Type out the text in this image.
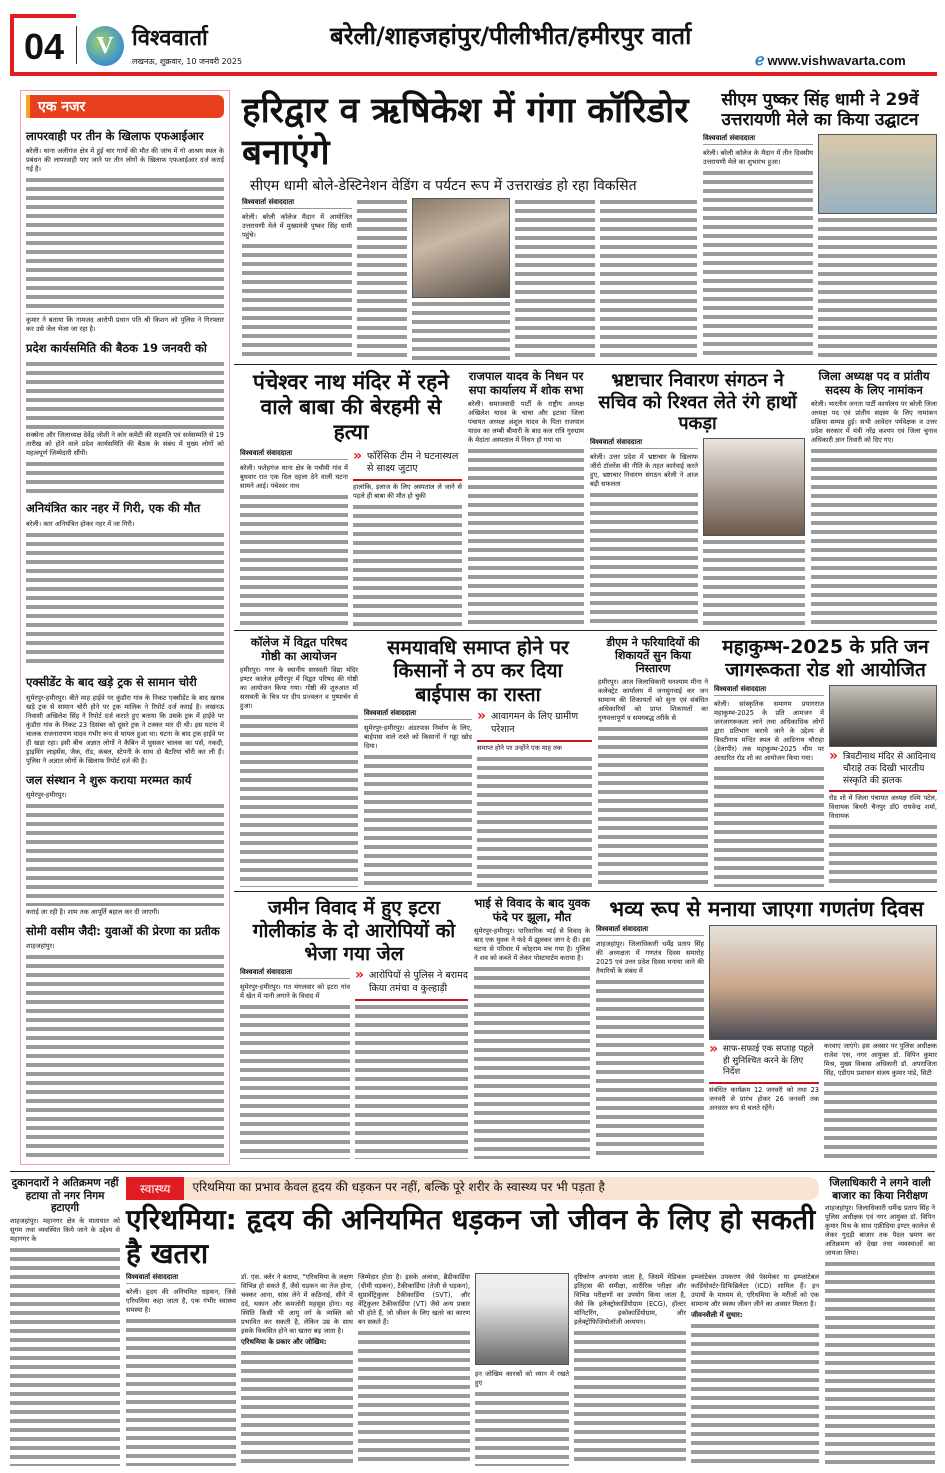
04	V विश्ववार्ता
लखनऊ, शुक्रवार, 10 जनवरी 2025
बरेली/शाहजहांपुर/पीलीभीत/हमीरपुर वार्ता
ℯ www.vishwavarta.com
एक नजर
लापरवाही पर तीन के खिलाफ एफआईआर

बरेली। थाना अलीगंज क्षेत्र में हुई चार गायों की मौत की जांच में गो आश्रय स्थल के प्रबंधन की लापरवाही पाए जाने पर तीन लोगों के खिलाफ एफआईआर दर्ज कराई गई है।

कुमार ने बताया कि नामजद आरोपी प्रधान पति श्री किशन को पुलिस ने गिरफ्तार कर उसे जेल भेजा जा रहा है।

प्रदेश कार्यसमिति की बैठक 19 जनवरी को

सक्सेना और जिलाध्यक्ष देवेंद्र जोशी ने कोर कमेटी की सहमति एवं सर्वसम्मति से 19 तारीख को होने वाले प्रदेश कार्यसमिति की बैठक के संबंध में मुख्य लोगों को महत्वपूर्ण जिम्मेदारी सौंपी।

अनियंत्रित कार नहर में गिरी, एक की मौत

बरेली। कार अनियंत्रित होकर नहर में जा गिरी।

एक्सीडेंट के बाद खड़े ट्रक से सामान चोरी

सुमेरपुर-हमीरपुर। बीते माह हाईवे पर कुंडौरा गांव के निकट एक्सीडेंट के बाद खराब खड़े ट्रक से सामान चोरी होने पर ट्रक मालिक ने रिपोर्ट दर्ज कराई है। लखनऊ निवासी अखिलेश सिंह ने रिपोर्ट दर्ज कराते हुए बताया कि उसके ट्रक में हाईवे पर कुंडौरा गांव के निकट 23 दिसंबर को दूसरे ट्रक ने टक्कर मार दी थी। इस घटना में चालक राजनारायण यादव गंभीर रूप से घायल हुआ था। घटना के बाद ट्रक हाईवे पर ही खड़ा रहा। इसी बीच अज्ञात लोगों ने कैबिन में घुसकर चालक का पर्स, नकदी, ड्राइविंग लाइसेंस, जैक, रॉड, कंबल, स्टेपनी के साथ दो बैटरियां चोरी कर ली हैं। पुलिस ने अज्ञात लोगों के खिलाफ रिपोर्ट दर्ज की है।

जल संस्थान ने शुरू कराया मरम्मत कार्य

सुमेरपुर-हमीरपुर।

कराई जा रही है। शाम तक आपूर्ति बहाल कर दी जाएगी।

सोमी वसीम जैदी: युवाओं की प्रेरणा का प्रतीक

शाहजहांपुर।

हरिद्वार व ऋषिकेश में गंगा कॉरिडोर बनाएंगे
सीएम धामी बोले-डेस्टिनेशन वेडिंग व पर्यटन रूप में उत्तराखंड हो रहा विकसित
विश्ववार्ता संवाददाता

बरेली। बरेली कॉलेज मैदान में आयोजित उत्तरायणी मेले में मुख्यमंत्री पुष्कर सिंह धामी पहुंचे।

सीएम पुष्कर सिंह धामी ने 29वें उत्तरायणी मेले का किया उद्घाटन
विश्ववार्ता संवाददाता

बरेली। बरेली कॉलेज के मैदान में तीन दिवसीय उत्तरायणी मेले का शुभारंभ हुआ।

पंचेश्वर नाथ मंदिर में रहने वाले बाबा की बेरहमी से हत्या
विश्ववार्ता संवाददाता

बरेली। फतेहगंज थाना क्षेत्र के पचौमी गांव में बुधवार रात एक दिल दहला देने वाली घटना सामने आई। पंचेश्वर नाथ

» फॉरेंसिक टीम ने घटनास्थल से साक्ष्य जुटाए

हालांकि, इलाज के लिए अस्पताल ले जाने से पहले ही बाबा की मौत हो चुकी

राजपाल यादव के निधन पर सपा कार्यालय में शोक सभा

बरेली। समाजवादी पार्टी के राष्ट्रीय अध्यक्ष अखिलेश यादव के चाचा और इटावा जिला पंचायत अध्यक्ष अंशुल यादव के पिता राजपाल यादव का लम्बी बीमारी के बाद कल रात्रि गुरुग्राम के मेदांता अस्पताल में निधन हो गया था

भ्रष्टाचार निवारण संगठन ने सचिव को रिश्वत लेते रंगे हाथों पकड़ा
विश्ववार्ता संवाददाता

बरेली। उत्तर प्रदेश में भ्रष्टाचार के खिलाफ जीरो टॉलरेंस की नीति के तहत कार्रवाई करते हुए, भ्रष्टाचार निवारण संगठन बरेली ने आज बड़ी सफलता

जिला अध्यक्ष पद व प्रांतीय सदस्य के लिए नामांकन

बरेली। भारतीय जनता पार्टी कार्यालय पर बरेली जिला अध्यक्ष पद एवं प्रांतीय सदस्य के लिए नामांकन प्रक्रिया सम्पन्न हुई। सभी आवेदन पर्यवेक्षक व उत्तर प्रदेश सरकार में मंत्री नरेंद्र कश्यप एवं जिला चुनाव अधिकारी ज्ञान तिवारी को दिए गए।

कॉलेज में विद्वत परिषद गोष्ठी का आयोजन

हमीरपुर। नगर के स्थानीय सरस्वती विद्या मंदिर इण्टर कालेज हमीरपुर में विद्वत परिषद की गोष्ठी का आयोजन किया गया। गोष्ठी की शुरुआत माँ सरस्वती के चित्र पर दीप प्रज्वलन व पुष्पार्चन से हुआ।

समयावधि समाप्त होने पर किसानों ने ठप कर दिया बाईपास का रास्ता
विश्ववार्ता संवाददाता

सुमेरपुर-हमीरपुर। अंडरपास निर्माण के लिए, बाईपास वाले रास्ते को किसानों ने गड्ढा खोद दिया।

» आवागमन के लिए ग्रामीण परेशान

समाप्त होने पर उन्होंने एक माह तक

डीएम ने फरियादियों की शिकायतें सुन किया निस्तारण

हमीरपुर। आज जिलाधिकारी घनश्याम मीना ने कलेक्ट्रेट कार्यालय में जनसुनवाई कर जन सामान्य की शिकायतों को सुना एवं संबंधित अधिकारियों को प्राप्त शिकायतों का गुणवत्तापूर्ण व समयबद्ध तरीके से

महाकुम्भ-2025 के प्रति जन जागरूकता रोड शो आयोजित
विश्ववार्ता संवाददाता

बरेली। सांस्कृतिक समागम प्रयागराज महाकुम्भ-2025 के प्रति आमजन में जनजागरूकता लाने तथा अधिकाधिक लोगों द्वारा प्रतिभाग कराये जाने के उद्देश्य से त्रिवटीनाथ मन्दिर स्थल से आदिनाथ चौराहा (डेलापीर) तक महाकुम्भ-2025 थीम पर आधारित रोड शो का आयोजन किया गया।	» त्रिवटीनाथ मंदिर से आदिनाथ चौराहे तक दिखी भारतीय संस्कृति की झलक

रोड शो में जिला पंचायत अध्यक्ष रश्मि पटेल, विधायक बिथरी चैनपुर डॉ0 राघवेन्द्र शर्मा, विधायक

जमीन विवाद में हुए इटरा गोलीकांड के दो आरोपियों को भेजा गया जेल
विश्ववार्ता संवाददाता

सुमेरपुर-हमीरपुर। गत मंगलवार को इटरा गांव में खेत में पानी लगाने के विवाद में

» आरोपियों से पुलिस ने बरामद किया तमंचा व कुल्हाड़ी
भाई से विवाद के बाद युवक फंदे पर झूला, मौत

सुमेरपुर-हमीरपुर। पारिवारिक भाई से विवाद के बाद एक युवक ने फंदे में झूलकर जान दे दी। इस घटना से परिवार में कोहराम मच गया है। पुलिस ने शव को कब्जे में लेकर पोस्टमार्टम कराया है।

भव्य रूप से मनाया जाएगा गणतंण दिवस
विश्ववार्ता संवाददाता

शाहजहांपुर। जिलाधिकारी धर्मेंद्र प्रताप सिंह की अध्यक्षता में गणतंत्र दिवस समारोह 2025 एवं उत्तर प्रदेश दिवस मनाया जाने की तैयारियों के संबंध में

» साफ-सफाई एक सप्ताह पहले ही सुनिश्चित करने के लिए निर्देश

संबंधित कार्यक्रम 12 जनवरी को तथा 23 जनवरी से प्रारंभ होकर 26 जनवरी तक अनवरत रूप से चलते रहेंगे।

करवाए जाएंगे। इस अवसर पर पुलिस अधीक्षक राजेश एस, नगर आयुक्त डॉ. विपिन कुमार मिश्र, मुख्य विकास अधिकारी डॉ. अपराजिता सिंह, एडीएम प्रशासन संजय कुमार पांडे, सिटी

दुकानदारों ने अतिक्रमण नहीं हटाया तो नगर निगम हटाएगी

शाहजहांपुर। महानगर क्षेत्र के यातायात को सुगम तथा व्यवस्थित किये जाने के उद्देश्य से महानगर के

स्वास्थ्य	एरिथमिया का प्रभाव केवल हृदय की धड़कन पर नहीं, बल्कि पूरे शरीर के स्वास्थ्य पर भी पड़ता है
एरिथमिया: हृदय की अनियमित धड़कन जो जीवन के लिए हो सकती है खतरा
विश्ववार्ता संवाददाता

बरेली। हृदय की अनियमित धड़कन, जिसे एरिथमिया कहा जाता है, एक गंभीर स्वास्थ्य समस्या है।

डॉ. एस. क्लेर ने बताया, "एरिथमिया के लक्षण विभिन्न हो सकते हैं, जैसे धड़कन का तेज होना, चक्कर आना, सांस लेने में कठिनाई, सीने में दर्द, थकान और कमजोरी महसूस होना। यह स्थिति किसी भी आयु वर्ग के व्यक्ति को प्रभावित कर सकती है, लेकिन उम्र के साथ इसके विकसित होने का खतरा बढ़ जाता है।

एरिथमिया के प्रकार और जोखिम:

जिम्मेदार होता है। इसके अलावा, ब्रैडीकार्डिया (धीमी धड़कन), टैकीकार्डिया (तेजी से धड़कन), सुप्रावेंट्रिकुलर टैकीकार्डिया (SVT), और वेंट्रिकुलर टैकीकार्डिया (VT) जैसे अन्य प्रकार भी होते हैं, जो जीवन के लिए खतरे का कारण बन सकते हैं।

इन जोखिम कारकों को ध्यान में रखते हुए

दृष्टिकोण अपनाया जाता है, जिसमें मेडिकल इतिहास की समीक्षा, शारीरिक परीक्षा और विभिन्न परीक्षणों का उपयोग किया जाता है, जैसे कि इलेक्ट्रोकार्डियोग्राम (ECG), होल्टर मॉनिटरिंग, इकोकार्डियोग्राम, और इलेक्ट्रोफिजियोलॉजी अध्ययन।

इम्प्लांटेबल उपकरण जैसे पेसमेकर या इम्प्लांटेबल कार्डियोवर्टर-डिफिब्रिलेटर (ICD) शामिल हैं। इन उपायों के माध्यम से, एरिथमिया के मरीजों को एक सामान्य और स्वस्थ जीवन जीने का अवसर मिलता है।

जीवनशैली में सुधार:
जिलाधिकारी ने लगने वाली बाजार का किया निरीक्षण

शाहजहांपुर। जिलाधिकारी धर्मेन्द्र प्रताप सिंह ने पुलिस अधीक्षक एवं नगर आयुक्त डॉ. विपिन कुमार मिश्र के साथ एफ्रीदिया इण्टर कालेज से लेकर गुदड़ी बाजार तक पैदल भ्रमण कर अतिक्रमण को देखा तथा व्यवस्थाओं का जायजा लिया।
